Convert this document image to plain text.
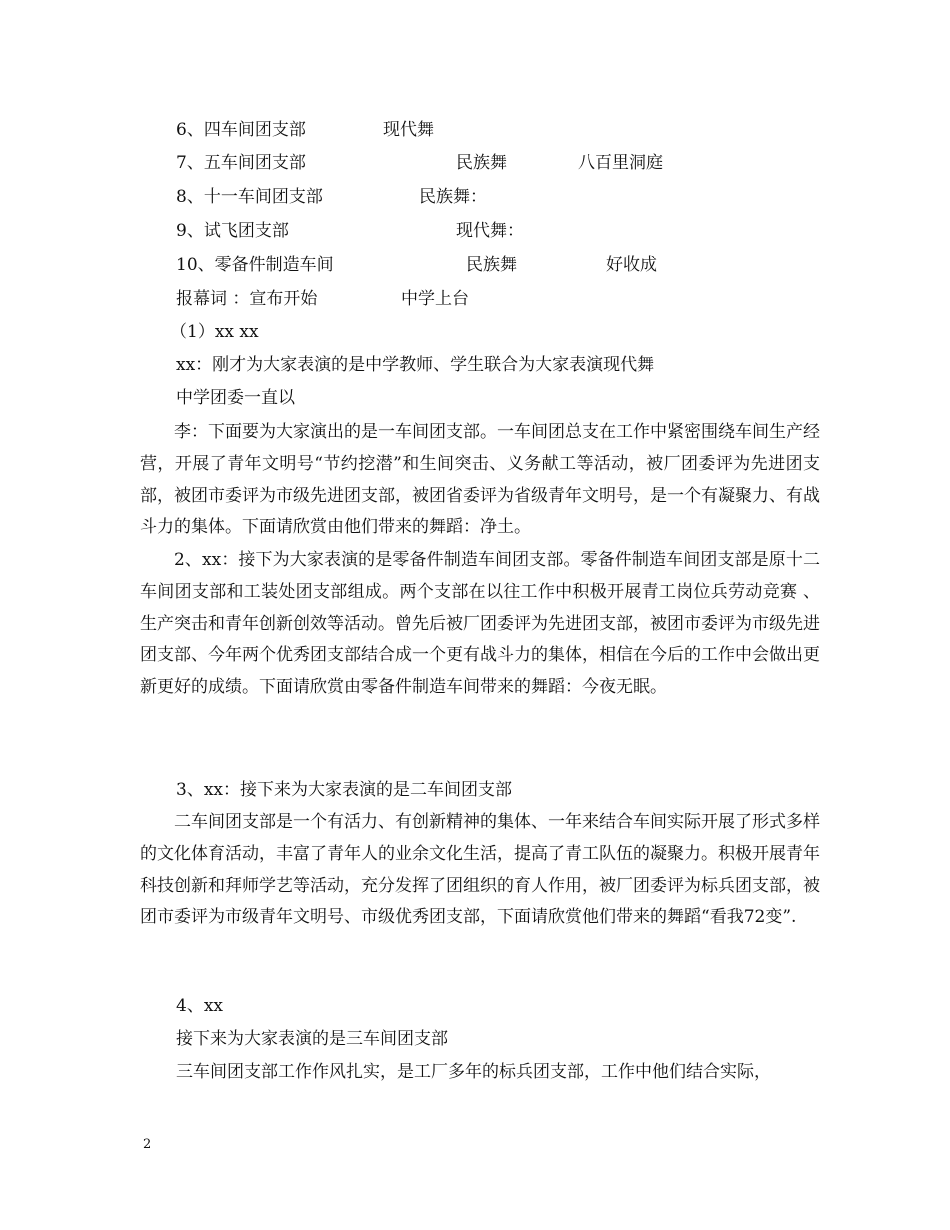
6、四车间团支部	现代舞
7、五车间团支部	民族舞	八百里洞庭
8、十一车间团支部	民族舞：
9、试飞团支部	现代舞：
10、零备件制造车间	民族舞	好收成
报幕词 ：宣布开始	中学上台
（1）xx xx
xx：刚才为大家表演的是中学教师、学生联合为大家表演现代舞
中学团委一直以
李：下面要为大家演出的是一车间团支部。一车间团总支在工作中紧密围绕车间生产经营，开展了青年文明号“节约挖潜”和生间突击、义务献工等活动，被厂团委评为先进团支部，被团市委评为市级先进团支部，被团省委评为省级青年文明号，是一个有凝聚力、有战斗力的集体。下面请欣赏由他们带来的舞蹈：净土。
2、xx：接下为大家表演的是零备件制造车间团支部。零备件制造车间团支部是原十二车间团支部和工装处团支部组成。两个支部在以往工作中积极开展青工岗位兵劳动竞赛 、生产突击和青年创新创效等活动。曾先后被厂团委评为先进团支部，被团市委评为市级先进团支部、今年两个优秀团支部结合成一个更有战斗力的集体，相信在今后的工作中会做出更新更好的成绩。下面请欣赏由零备件制造车间带来的舞蹈：今夜无眠。
3、xx：接下来为大家表演的是二车间团支部
二车间团支部是一个有活力、有创新精神的集体、一年来结合车间实际开展了形式多样的文化体育活动，丰富了青年人的业余文化生活，提高了青工队伍的凝聚力。积极开展青年科技创新和拜师学艺等活动，充分发挥了团组织的育人作用，被厂团委评为标兵团支部，被团市委评为市级青年文明号、市级优秀团支部，下面请欣赏他们带来的舞蹈“看我72变”.
4、xx
接下来为大家表演的是三车间团支部
三车间团支部工作作风扎实，是工厂多年的标兵团支部，工作中他们结合实际，
2
